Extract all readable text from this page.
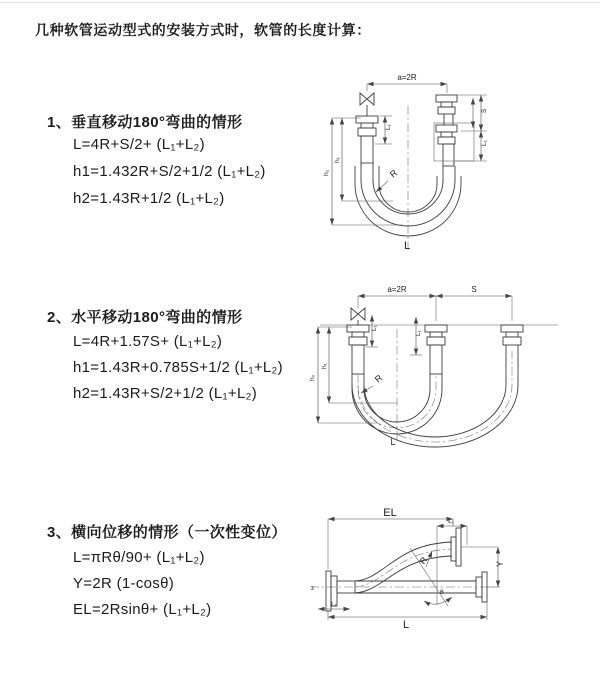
几种软管运动型式的安装方式时，软管的长度计算：
1、垂直移动180°弯曲的情形
L=4R+S/2+ (L₁+L₂)
h1=1.432R+S/2+1/2 (L₁+L₂)
h2=1.43R+1/2 (L₁+L₂)
2、水平移动180°弯曲的情形
L=4R+1.57S+ (L₁+L₂)
h1=1.43R+0.785S+1/2 (L₁+L₂)
h2=1.43R+S/2+1/2 (L₁+L₂)
3、横向位移的情形（一次性变位）
L=πRθ/90+ (L₁+L₂)
Y=2R (1-cosθ)
EL=2Rsinθ+ (L₁+L₂)
a=2R
h₂
h₁
L₁
S
L₁
R
L
a=2R	S
h₂
h₁
L₁
L₁
R
L
z
EL
L₁
Y
L
L₁
θ
R
